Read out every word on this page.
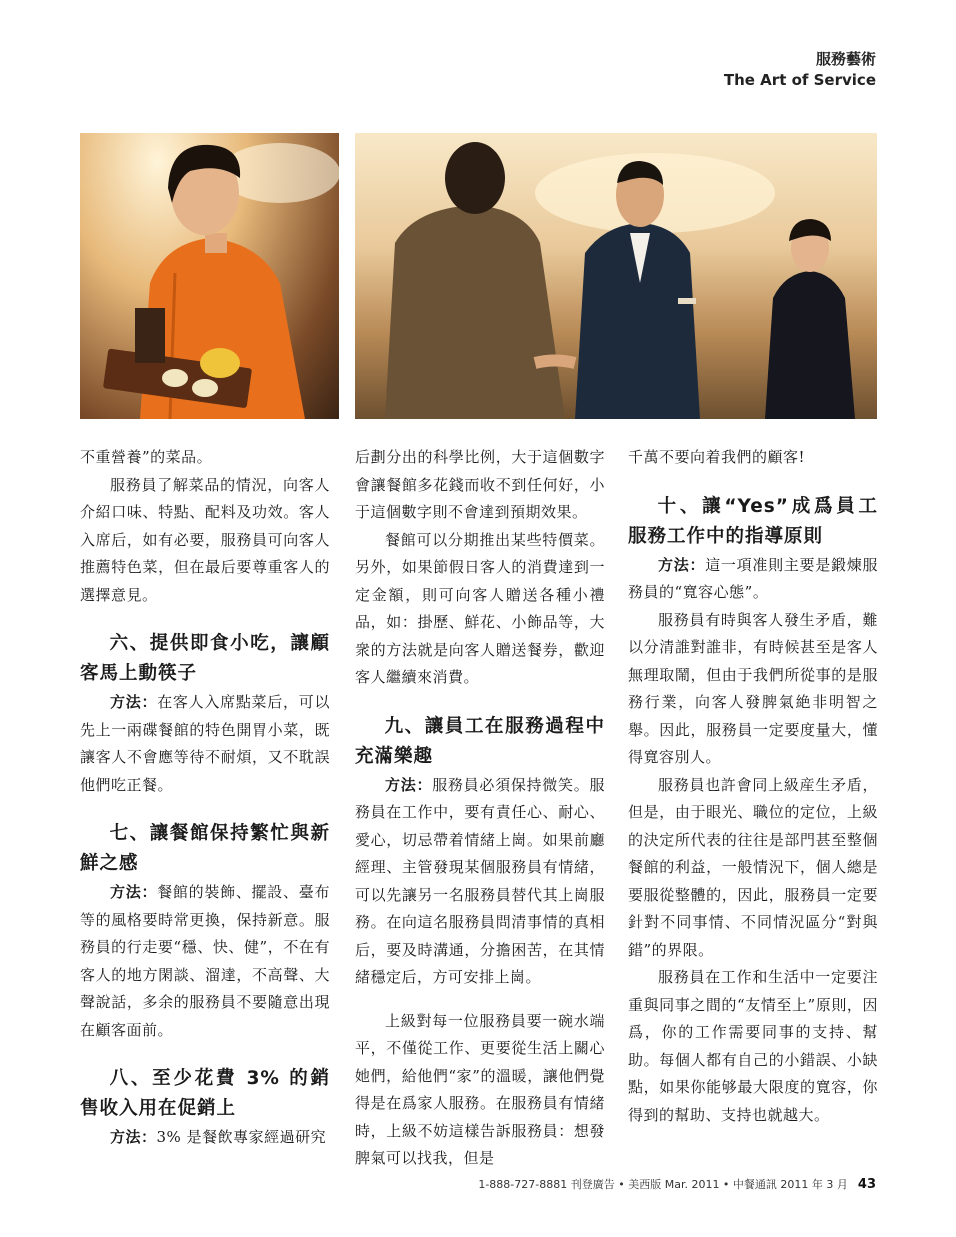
服務藝術
The Art of Service

不重營養”的菜品。

服務員了解菜品的情況，向客人介紹口味、特點、配料及功效。客人入席后，如有必要，服務員可向客人推薦特色菜，但在最后要尊重客人的選擇意見。

六、提供即食小吃，讓顧客馬上動筷子

方法：在客人入席點菜后，可以先上一兩碟餐館的特色開胃小菜，既讓客人不會應等待不耐煩，又不耽誤他們吃正餐。

七、讓餐館保持繁忙與新鮮之感

方法：餐館的裝飾、擺設、臺布等的風格要時常更換，保持新意。服務員的行走要“穩、快、健”，不在有客人的地方閑談、溜達，不高聲、大聲說話，多余的服務員不要隨意出現在顧客面前。

八、至少花費 3% 的銷售收入用在促銷上

方法：3% 是餐飲專家經過研究

后劃分出的科學比例，大于這個數字會讓餐館多花錢而收不到任何好，小于這個數字則不會達到預期效果。

餐館可以分期推出某些特價菜。另外，如果節假日客人的消費達到一定金額，則可向客人贈送各種小禮品，如：掛歷、鮮花、小飾品等，大衆的方法就是向客人贈送餐券，歡迎客人繼續來消費。

九、讓員工在服務過程中充滿樂趣

方法：服務員必須保持微笑。服務員在工作中，要有責任心、耐心、愛心，切忌帶着情緒上崗。如果前廳經理、主管發現某個服務員有情緒，可以先讓另一名服務員替代其上崗服務。在向這名服務員問清事情的真相后，要及時溝通，分擔困苦，在其情緒穩定后，方可安排上崗。

上級對每一位服務員要一碗水端平，不僅從工作、更要從生活上關心她們，給他們“家”的溫暖，讓他們覺得是在爲家人服務。在服務員有情緒時，上級不妨這樣告訴服務員：想發脾氣可以找我，但是

千萬不要向着我們的顧客!

十、讓“Yes”成爲員工服務工作中的指導原則

方法：這一項准則主要是鍛煉服務員的“寬容心態”。

服務員有時與客人發生矛盾，難以分清誰對誰非，有時候甚至是客人無理取鬧，但由于我們所從事的是服務行業，向客人發脾氣絶非明智之舉。因此，服務員一定要度量大，懂得寬容別人。

服務員也許會同上級産生矛盾，但是，由于眼光、職位的定位，上級的決定所代表的往往是部門甚至整個餐館的利益，一般情況下，個人總是要服從整體的，因此，服務員一定要針對不同事情、不同情況區分“對與錯”的界限。

服務員在工作和生活中一定要注重與同事之間的“友情至上”原則，因爲，你的工作需要同事的支持、幫助。每個人都有自己的小錯誤、小缺點，如果你能够最大限度的寬容，你得到的幫助、支持也就越大。

1-888-727-8881 刊登廣告 • 美西版 Mar. 2011 • 中餐通訊 2011 年 3 月 43
